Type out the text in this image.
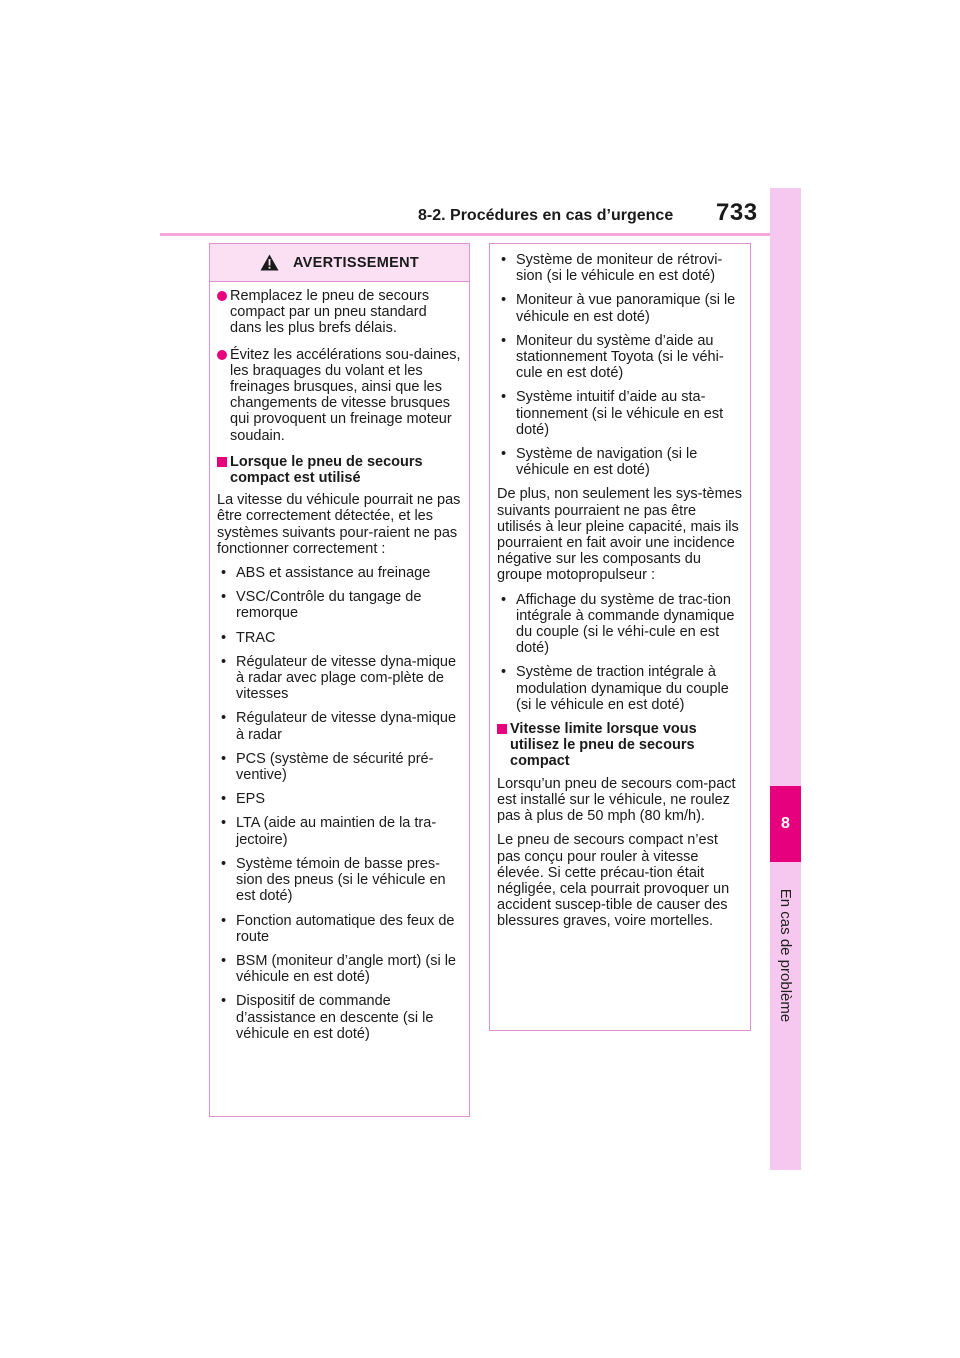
8
En cas de problème
8-2. Procédures en cas d’urgence 733
AVERTISSEMENT
Remplacez le pneu de secours compact par un pneu standard dans les plus brefs délais.
Évitez les accélérations sou-daines, les braquages du volant et les freinages brusques, ainsi que les changements de vitesse brusques qui provoquent un freinage moteur soudain.
Lorsque le pneu de secours compact est utilisé
La vitesse du véhicule pourrait ne pas être correctement détectée, et les systèmes suivants pour-raient ne pas fonctionner correctement :
• ABS et assistance au freinage
• VSC/Contrôle du tangage de remorque
• TRAC
• Régulateur de vitesse dyna-mique à radar avec plage com-plète de vitesses
• Régulateur de vitesse dyna-mique à radar
• PCS (système de sécurité pré-ventive)
• EPS
• LTA (aide au maintien de la tra-jectoire)
• Système témoin de basse pres-sion des pneus (si le véhicule en est doté)
• Fonction automatique des feux de route
• BSM (moniteur d’angle mort) (si le véhicule en est doté)
• Dispositif de commande d’assistance en descente (si le véhicule en est doté)
• Système de moniteur de rétrovi-sion (si le véhicule en est doté)
• Moniteur à vue panoramique (si le véhicule en est doté)
• Moniteur du système d’aide au stationnement Toyota (si le véhi-cule en est doté)
• Système intuitif d’aide au sta-tionnement (si le véhicule en est doté)
• Système de navigation (si le véhicule en est doté)
De plus, non seulement les sys-tèmes suivants pourraient ne pas être utilisés à leur pleine capacité, mais ils pourraient en fait avoir une incidence négative sur les composants du groupe motopropulseur :
• Affichage du système de trac-tion intégrale à commande dynamique du couple (si le véhi-cule en est doté)
• Système de traction intégrale à modulation dynamique du couple (si le véhicule en est doté)
Vitesse limite lorsque vous utilisez le pneu de secours compact
Lorsqu’un pneu de secours com-pact est installé sur le véhicule, ne roulez pas à plus de 50 mph (80 km/h).
Le pneu de secours compact n’est pas conçu pour rouler à vitesse élevée. Si cette précau-tion était négligée, cela pourrait provoquer un accident suscep-tible de causer des blessures graves, voire mortelles.
